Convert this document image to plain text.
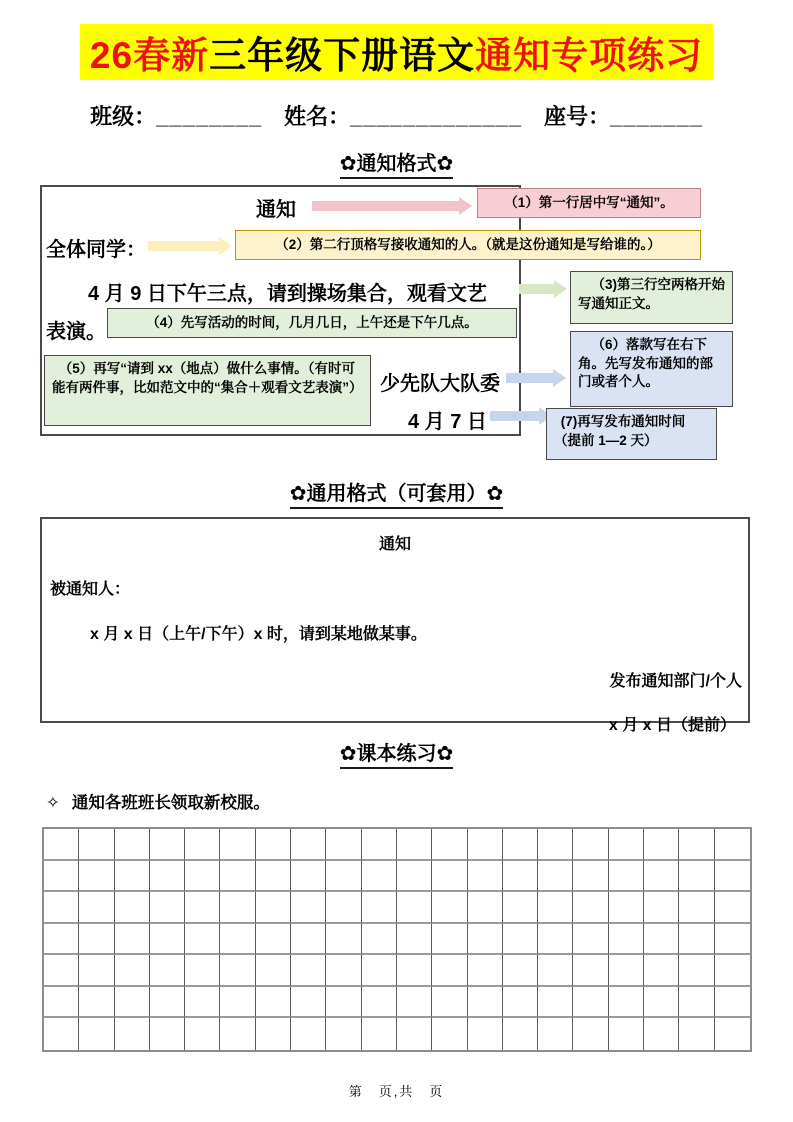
26春新三年级下册语文通知专项练习
班级：________ 姓名：_____________ 座号：_______
✿通知格式✿
通知	（1）第一行居中写“通知”。
全体同学：	（2）第二行顶格写接收通知的人。（就是这份通知是写给谁的。）
4 月 9 日下午三点，请到操场集合，观看文艺	（3)第三行空两格开始写通知正文。
（4）先写活动的时间，几月几日，上午还是下午几点。
表演。
（5）再写“请到 xx（地点）做什么事情。（有时可能有两件事，比如范文中的“集合＋观看文艺表演”） 少先队大队委
（6）落款写在右下角。先写发布通知的部门或者个人。
4 月 7 日	(7)再写发布通知时间（提前 1—2 天）
✿通用格式（可套用）✿
通知
被通知人：
x 月 x 日（上午/下午）x 时，请到某地做某事。
发布通知部门/个人
x 月 x 日（提前）
✿课本练习✿
✧ 通知各班班长领取新校服。
第　页,共　页
